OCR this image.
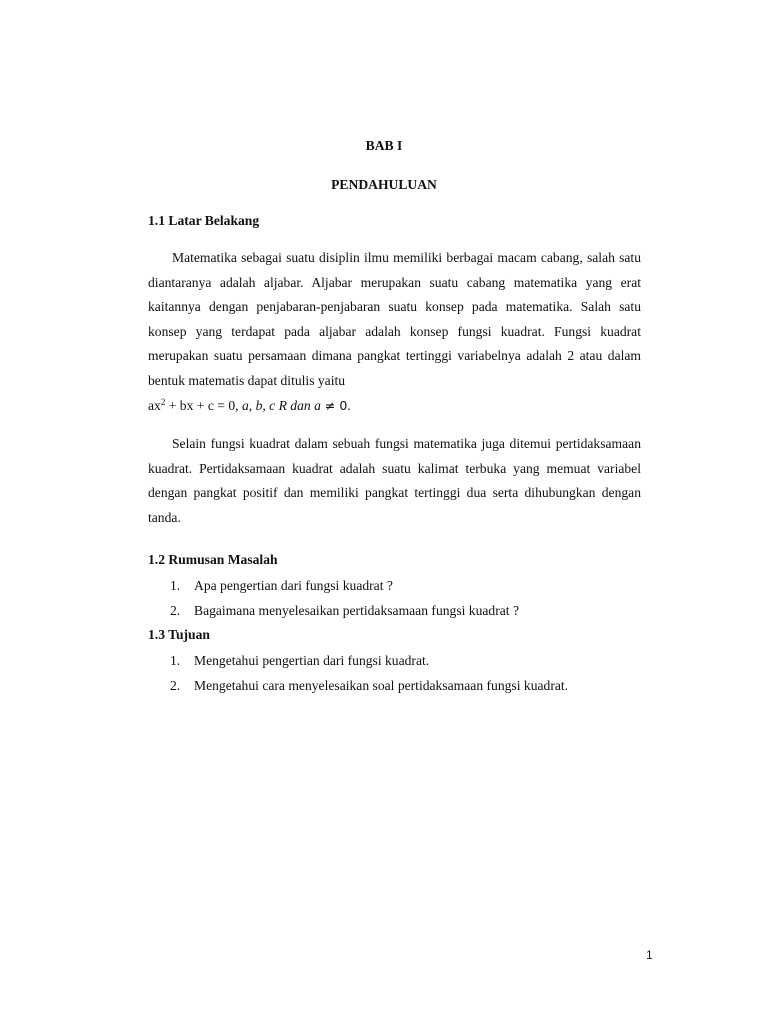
BAB I
PENDAHULUAN
1.1 Latar Belakang

Matematika sebagai suatu disiplin ilmu memiliki berbagai macam cabang, salah satu diantaranya adalah aljabar. Aljabar merupakan suatu cabang matematika yang erat kaitannya dengan penjabaran-penjabaran suatu konsep pada matematika. Salah satu konsep yang terdapat pada aljabar adalah konsep fungsi kuadrat. Fungsi kuadrat merupakan suatu persamaan dimana pangkat tertinggi variabelnya adalah 2 atau dalam bentuk matematis dapat ditulis yaitu
$ax^2$ + bx + c = 0, a, b, c R dan a ≠ 0.

Selain fungsi kuadrat dalam sebuah fungsi matematika juga ditemui pertidaksamaan kuadrat. Pertidaksamaan kuadrat adalah suatu kalimat terbuka yang memuat variabel dengan pangkat positif dan memiliki pangkat tertinggi dua serta dihubungkan dengan tanda.

1.2 Rumusan Masalah
1. Apa pengertian dari fungsi kuadrat ?
2. Bagaimana menyelesaikan pertidaksamaan fungsi kuadrat ?
1.3 Tujuan
1. Mengetahui pengertian dari fungsi kuadrat.
2. Mengetahui cara menyelesaikan soal pertidaksamaan fungsi kuadrat.
1
